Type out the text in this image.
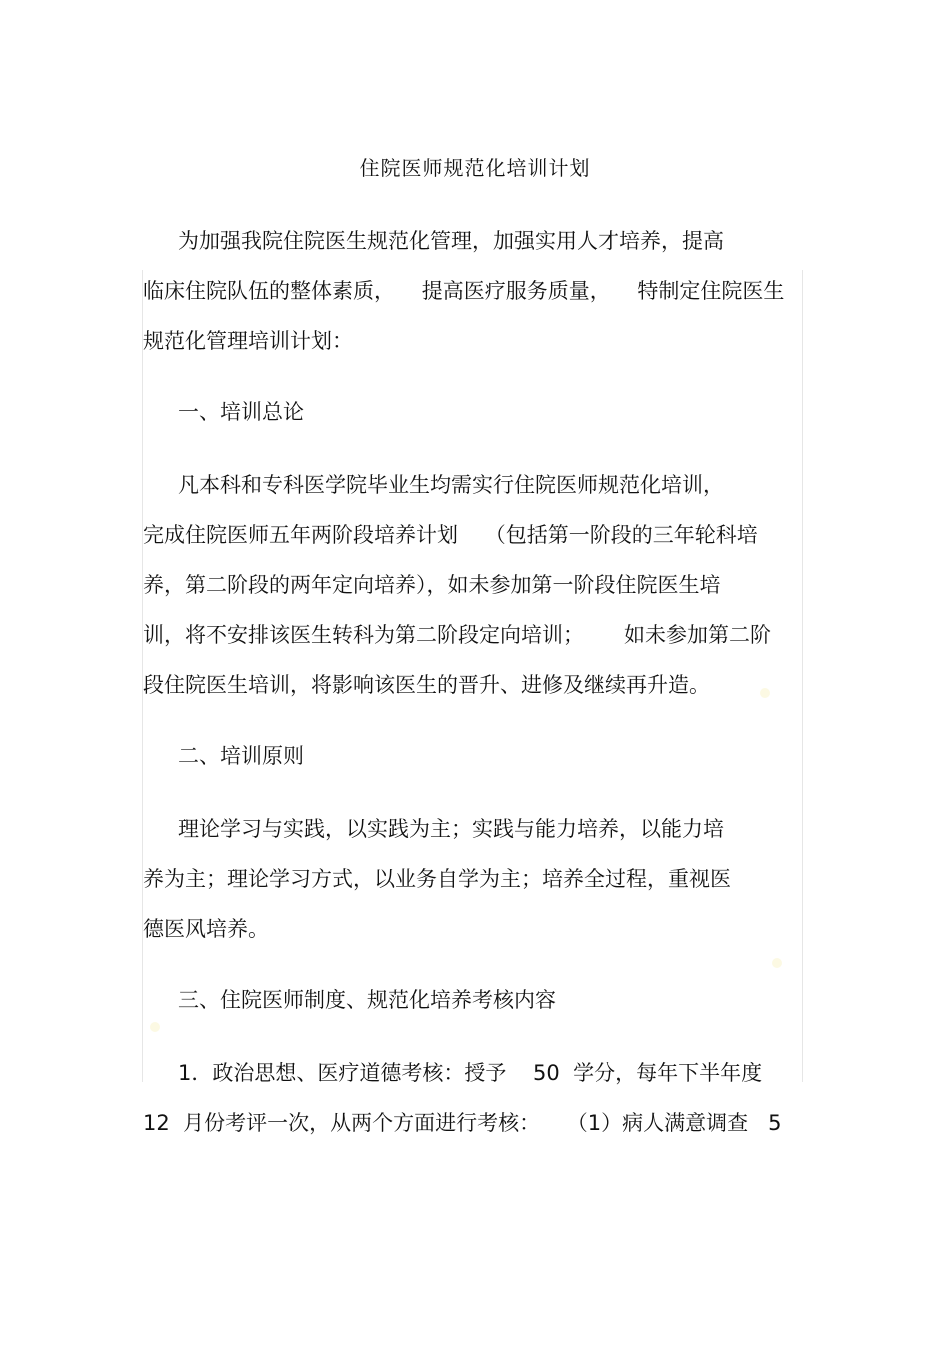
住院医师规范化培训计划
为加强我院住院医生规范化管理，加强实用人才培养，提高
临床住院队伍的整体素质，    提高医疗服务质量，    特制定住院医生
规范化管理培训计划：
一、培训总论
凡本科和专科医学院毕业生均需实行住院医师规范化培训，
完成住院医师五年两阶段培养计划    （包括第一阶段的三年轮科培
养，第二阶段的两年定向培养），如未参加第一阶段住院医生培
训，将不安排该医生转科为第二阶段定向培训；      如未参加第二阶
段住院医生培训，将影响该医生的晋升、进修及继续再升造。
二、培训原则
理论学习与实践，以实践为主；实践与能力培养，以能力培
养为主；理论学习方式，以业务自学为主；培养全过程，重视医
德医风培养。
三、住院医师制度、规范化培养考核内容
1．政治思想、医疗道德考核：授予    50  学分，每年下半年度
12  月份考评一次，从两个方面进行考核：    （1）病人满意调查   5
